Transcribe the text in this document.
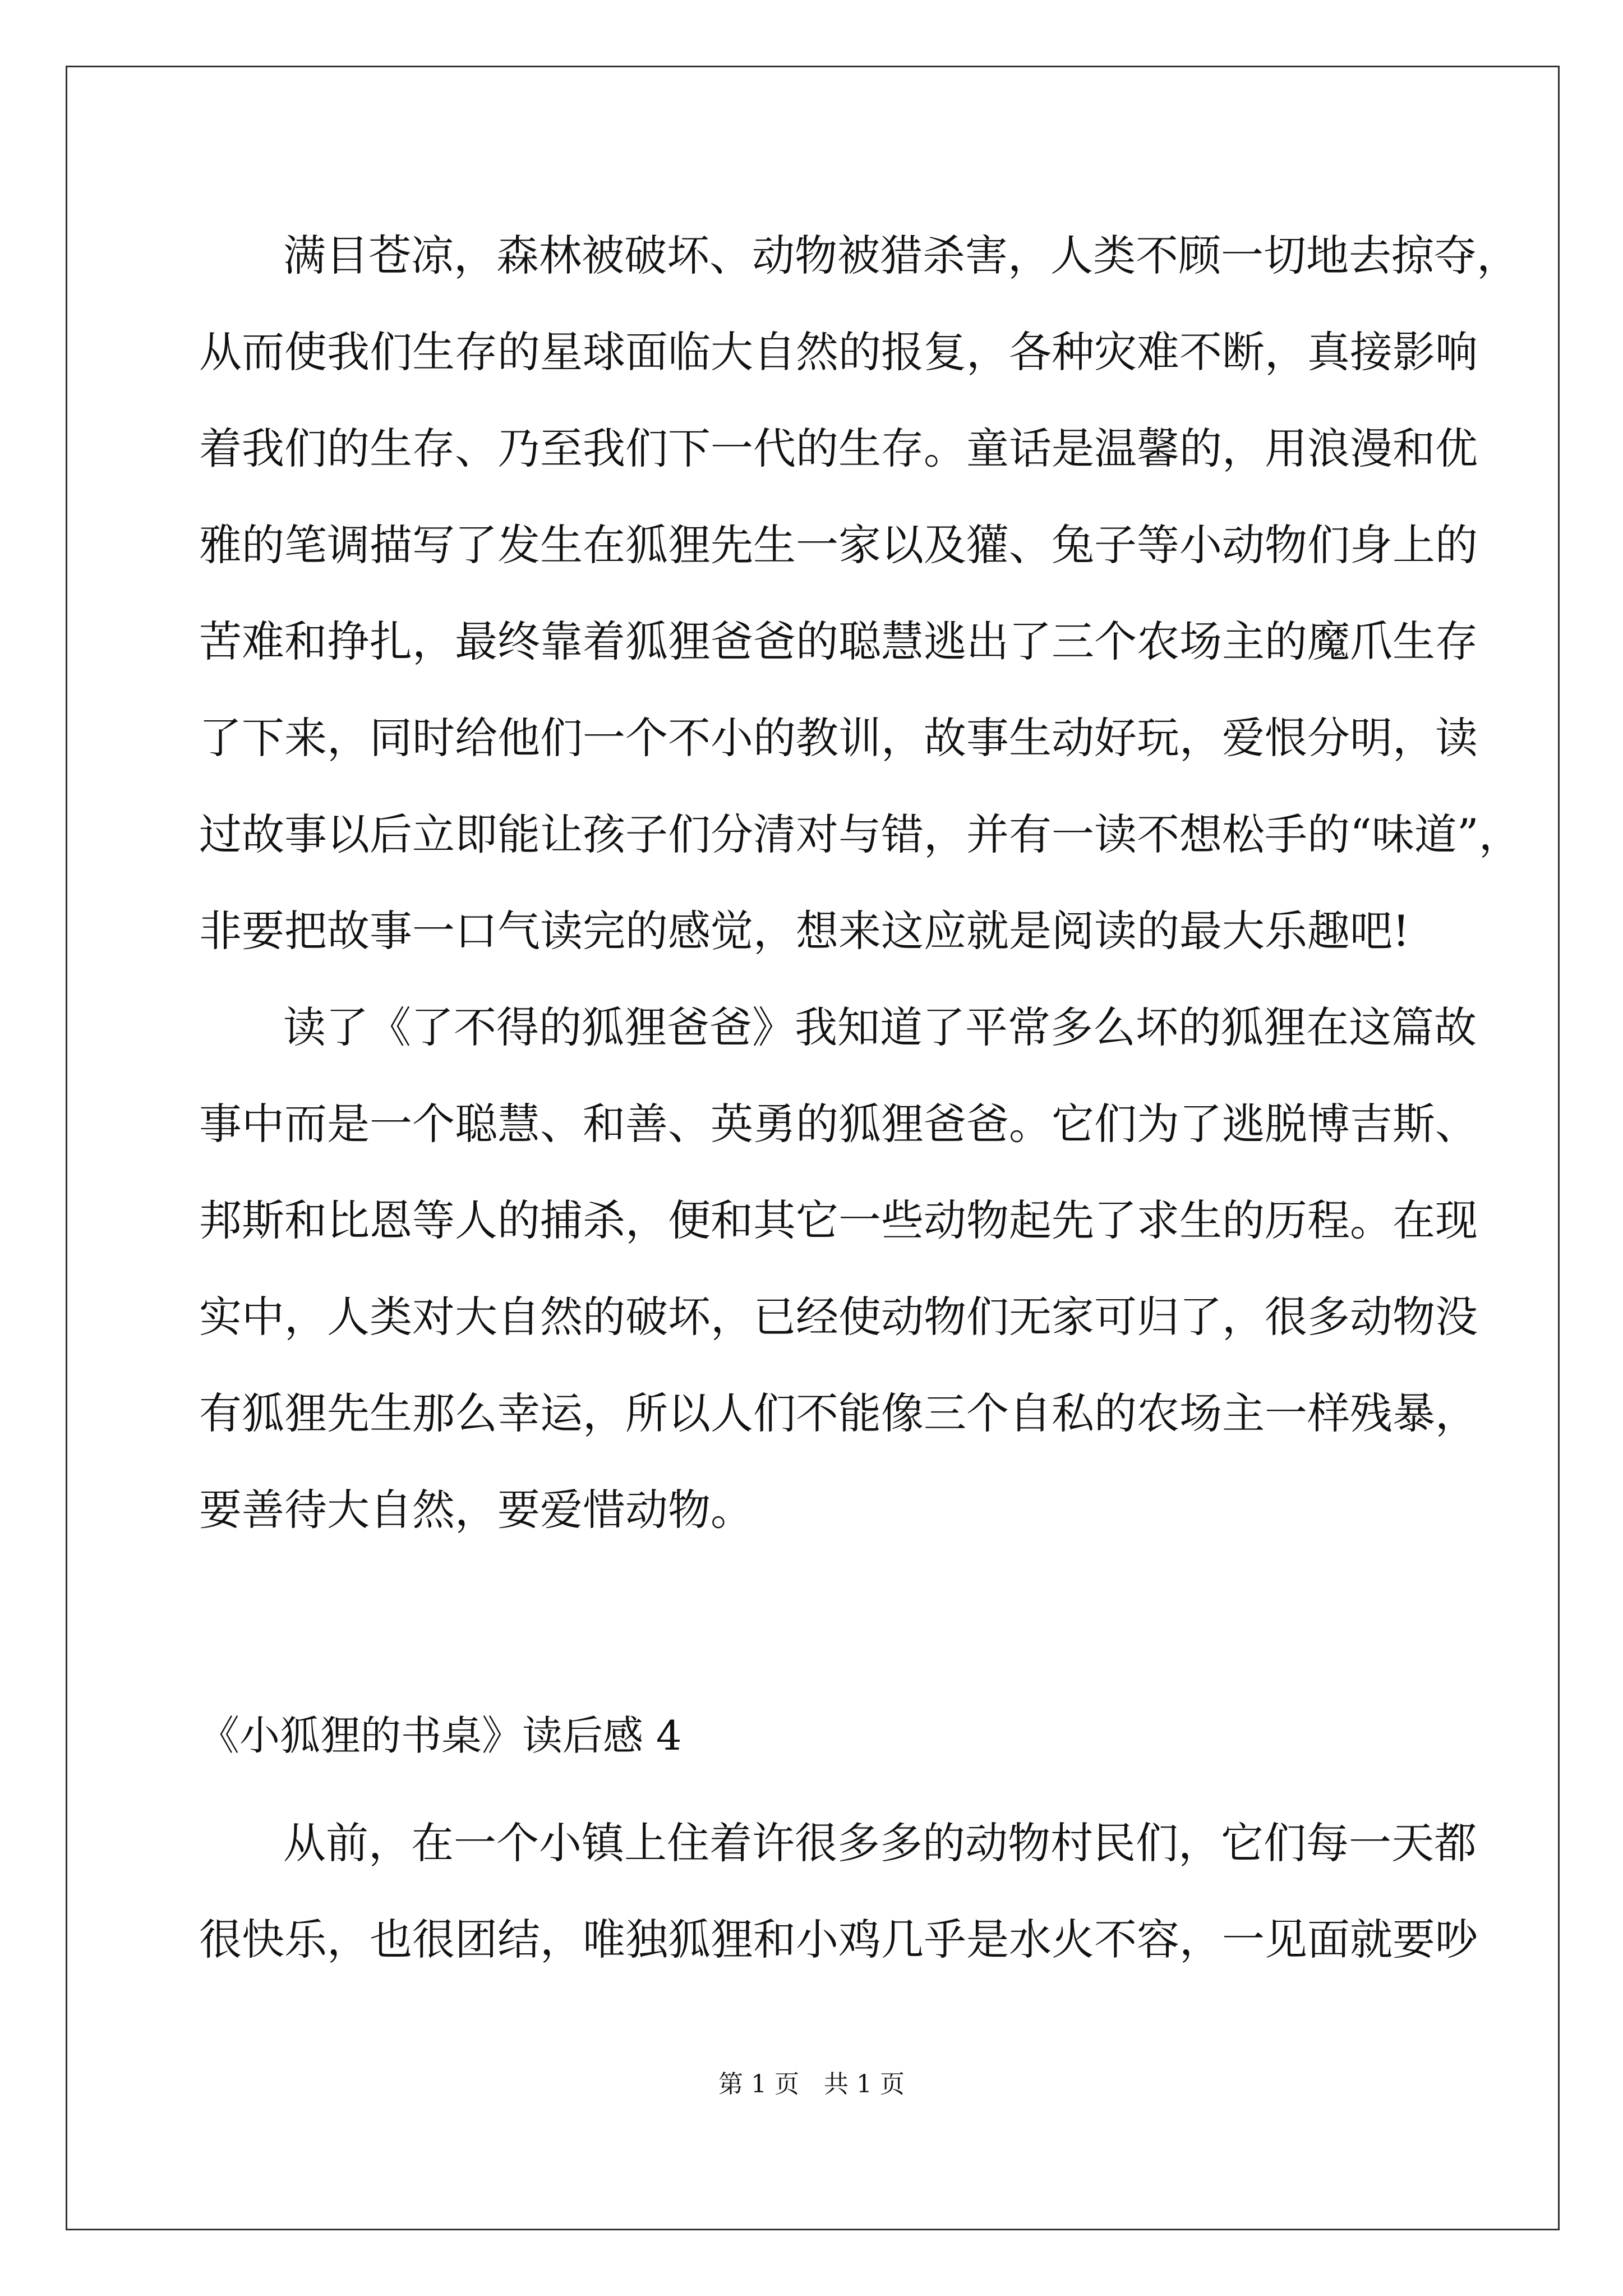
满目苍凉，森林被破坏、动物被猎杀害，人类不顾一切地去掠夺，
从而使我们生存的星球面临大自然的报复，各种灾难不断，真接影响
着我们的生存、乃至我们下一代的生存。童话是温馨的，用浪漫和优
雅的笔调描写了发生在狐狸先生一家以及獾、兔子等小动物们身上的
苦难和挣扎，最终靠着狐狸爸爸的聪慧逃出了三个农场主的魔爪生存
了下来，同时给他们一个不小的教训，故事生动好玩，爱恨分明，读
过故事以后立即能让孩子们分清对与错，并有一读不想松手的“味道”，
非要把故事一口气读完的感觉，想来这应就是阅读的最大乐趣吧!
读了《了不得的狐狸爸爸》我知道了平常多么坏的狐狸在这篇故
事中而是一个聪慧、和善、英勇的狐狸爸爸。它们为了逃脱博吉斯、
邦斯和比恩等人的捕杀，便和其它一些动物起先了求生的历程。在现
实中，人类对大自然的破坏，已经使动物们无家可归了，很多动物没
有狐狸先生那么幸运，所以人们不能像三个自私的农场主一样残暴，
要善待大自然，要爱惜动物。
《小狐狸的书桌》读后感 4
从前，在一个小镇上住着许很多多的动物村民们，它们每一天都
很快乐，也很团结，唯独狐狸和小鸡几乎是水火不容，一见面就要吵
第 1 页　共 1 页
